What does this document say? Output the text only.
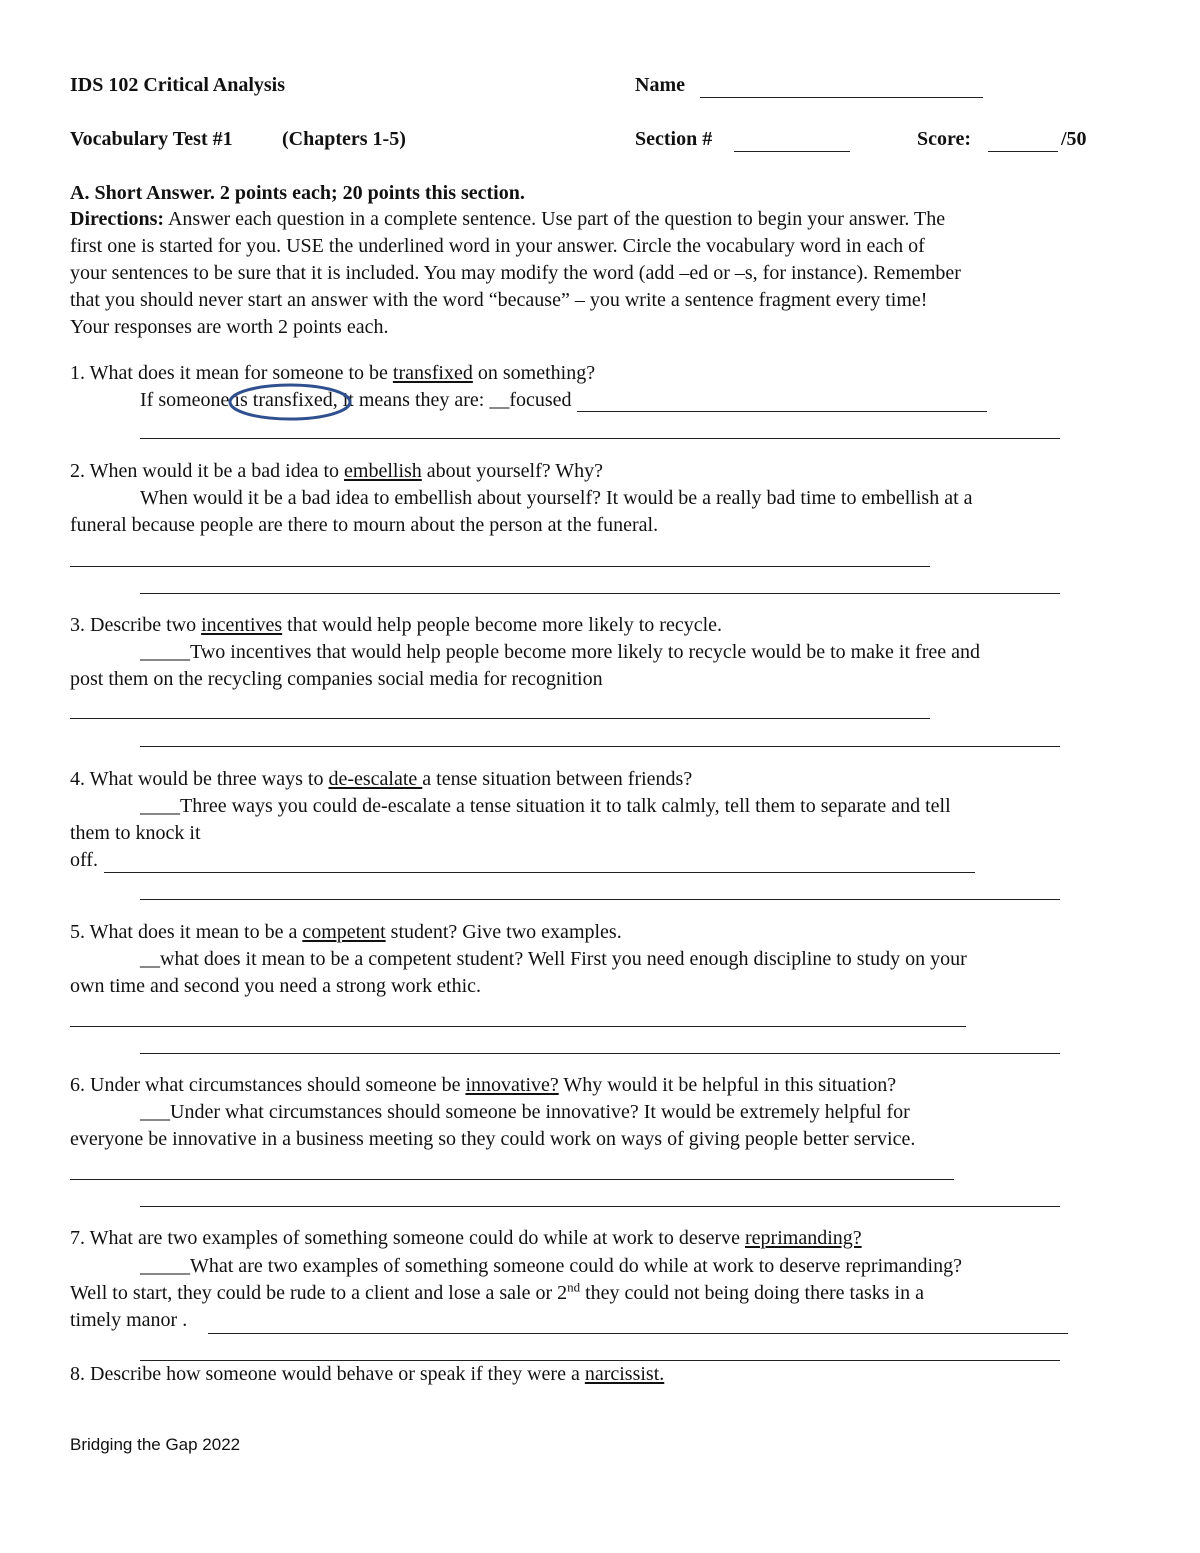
IDS 102 Critical Analysis	Name
Vocabulary Test #1 (Chapters 1-5)	Section #	Score:	/50
A. Short Answer. 2 points each; 20 points this section.
Directions: Answer each question in a complete sentence. Use part of the question to begin your answer. The
first one is started for you. USE the underlined word in your answer. Circle the vocabulary word in each of
your sentences to be sure that it is included. You may modify the word (add –ed or –s, for instance). Remember
that you should never start an answer with the word “because” – you write a sentence fragment every time!
Your responses are worth 2 points each.
1. What does it mean for someone to be transfixed on something?
If someone is transfixed
, it means they are: __focused
2. When would it be a bad idea to embellish about yourself? Why?
When would it be a bad idea to embellish about yourself? It would be a really bad time to embellish at a
funeral because people are there to mourn about the person at the funeral.
3. Describe two incentives that would help people become more likely to recycle.
_____Two incentives that would help people become more likely to recycle would be to make it free and
post them on the recycling companies social media for recognition
4. What would be three ways to de-escalate a tense situation between friends?
____Three ways you could de-escalate a tense situation it to talk calmly, tell them to separate and tell
them to knock it
off.
5. What does it mean to be a competent student? Give two examples.
__what does it mean to be a competent student? Well First you need enough discipline to study on your
own time and second you need a strong work ethic.
6. Under what circumstances should someone be innovative? Why would it be helpful in this situation?
___Under what circumstances should someone be innovative? It would be extremely helpful for
everyone be innovative in a business meeting so they could work on ways of giving people better service.
7. What are two examples of something someone could do while at work to deserve reprimanding?
_____What are two examples of something someone could do while at work to deserve reprimanding?
Well to start, they could be rude to a client and lose a sale or 2nd they could not being doing there tasks in a
timely manor .
8. Describe how someone would behave or speak if they were a narcissist.
Bridging the Gap 2022
